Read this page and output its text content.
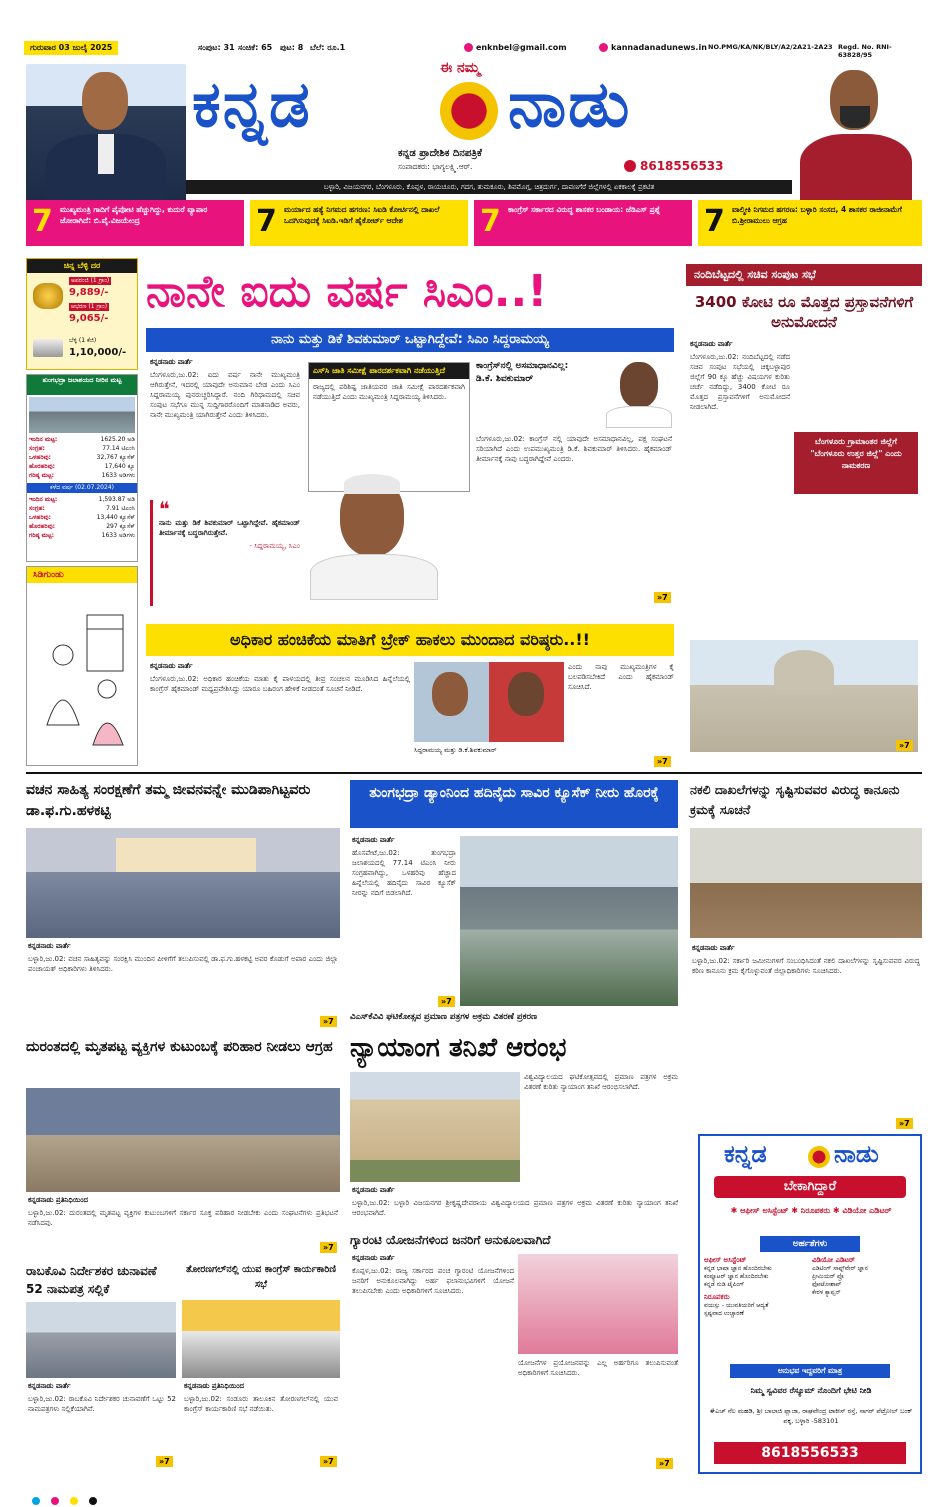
ಗುರುವಾರ 03 ಜುಲೈ 2025	ಸಂಪುಟ: 31 ಸಂಚಿಕೆ: 65 ಪುಟ: 8 ಬೆಲೆ: ರೂ.1	enknbel@gmail.com	kannadanadunews.in NO.PMG/KA/NK/BLY/A2/2A21-2A23 Regd. No. RNI- 63828/95
ಕನ್ನಡ	ಈ ನಮ್ಮ ನಾಡು
ಕನ್ನಡ ಪ್ರಾದೇಶಿಕ ದಿನಪತ್ರಿಕೆ
ಸಂಪಾದಕರು: ಭಾಗ್ಯಲಕ್ಷ್ಮಿ.ಆರ್.	8618556533
ಬಳ್ಳಾರಿ, ವಿಜಯನಗರ, ಬೆಂಗಳೂರು, ಕೊಪ್ಪಳ, ರಾಯಚೂರು, ಗದಗ, ತುಮಕೂರು, ಶಿವಮೊಗ್ಗ, ಚಿತ್ರದುರ್ಗ, ದಾವಣಗೆರೆ ಜಿಲ್ಲೆಗಳಲ್ಲಿ ಏಕಕಾಲಕ್ಕೆ ಪ್ರಕಟಿತ
7 ಮುಖ್ಯಮಂತ್ರಿ ಗಾದಿಗೆ ಪೈಪೋಟಿ ಹೆಚ್ಚುಗಿದ್ದು, ಕುದುರೆ ವ್ಯಾಪಾರ ಜೋರಾಗಿದೆ: ಬಿ.ವೈ.ವಿಜಯೇಂದ್ರ	7 ಮರ್ಯಾದ ಹತ್ಯೆ ನಿಗಮದ ಹಗರಣ: ಸಿಐಡಿ ಕೋರ್ಟಿನಲ್ಲಿ ದಾಖಲೆ ಒದಗಿಸುವುದಕ್ಕೆ ಸಿಐಡಿ.ಇಡಿಗೆ ಹೈಕೋರ್ಟ್ ಆದೇಶ	7 ಕಾಂಗ್ರೆಸ್ ಸರ್ಕಾರದ ವಿರುದ್ಧ ಶಾಸಕರ ಬಂಡಾಯ: ಜೆಡಿಎಸ್ ಪ್ರಶ್ನೆ	7 ವಾಲ್ಮೀಕಿ ನಿಗಮದ ಹಗರಣ: ಬಳ್ಳಾರಿ ಸಂಸದ, 4 ಶಾಸಕರ ರಾಜೀನಾಮೆಗೆ ಬಿ.ಶ್ರೀರಾಮುಲು ಆಗ್ರಹ
ಚಿನ್ನ ಬೆಳ್ಳಿ ದರ
ಅಪರಂಜಿ (1 ಗ್ರಾಂ)
9,889/-
ಆಭರಣ (1 ಗ್ರಾಂ)
9,065/-
ಬೆಳ್ಳಿ (1 ಕೆಜಿ)
1,10,000/-
ತುಂಗಭದ್ರಾ ಜಲಾಶಯದ ನೀರಿನ ಮಟ್ಟ
ಇಂದಿನ ಮಟ್ಟ:	1625.20 ಅಡಿ
ಸಂಗ್ರಹ:	77.14 ಟಿಎಂಸಿ
ಒಳಹರಿವು:	32,767 ಕ್ಯೂಸೆಕ್
ಹೊರಹರಿವು:	17,640 ಕ್ಯೂ
ಗರಿಷ್ಠ ಮಟ್ಟ:	1633 ಅಡಿಗಳು
ಕಳೆದ ವರ್ಷ (02.07.2024)
ಇಂದಿನ ಮಟ್ಟ:	1,593.87 ಅಡಿ
ಸಂಗ್ರಹ:	7.91 ಟಿಎಂಸಿ
ಒಳಹರಿವು:	13,440 ಕ್ಯೂಸೆಕ್
ಹೊರಹರಿವು:	297 ಕ್ಯೂಸೆಕ್
ಗರಿಷ್ಠ ಮಟ್ಟ:	1633 ಅಡಿಗಳು
ಸಿಡಿಗುಂಡು
ನಾನೇ ಐದು ವರ್ಷ ಸಿಎಂ..!
ನಾನು ಮತ್ತು ಡಿಕೆ ಶಿವಕುಮಾರ್ ಒಟ್ಟಾಗಿದ್ದೇವೆ: ಸಿಎಂ ಸಿದ್ದರಾಮಯ್ಯ
ಕನ್ನಡನಾಡು ವಾರ್ತೆ
ಬೆಂಗಳೂರು,ಜು.02: ಐದು ವರ್ಷ ನಾನೇ ಮುಖ್ಯಮಂತ್ರಿ ಆಗಿರುತ್ತೇನೆ, ಇದರಲ್ಲಿ ಯಾವುದೇ ಅನುಮಾನ ಬೇಡ ಎಂದು ಸಿಎಂ ಸಿದ್ದರಾಮಯ್ಯ ಪುನರುಚ್ಚರಿಸಿದ್ದಾರೆ. ನಂದಿ ಗಿರಿಧಾಮದಲ್ಲಿ ಸಚಿವ ಸಂಪುಟ ಸಭೆಗೂ ಮುನ್ನ ಸುದ್ದಿಗಾರರೊಂದಿಗೆ ಮಾತನಾಡಿದ ಅವರು, ನಾನೇ ಮುಖ್ಯಮಂತ್ರಿ ಯಾಗಿರುತ್ತೇನೆ ಎಂದು ತಿಳಿಸಿದರು.
ಎಸ್‌ಸಿ ಜಾತಿ ಸಮೀಕ್ಷೆ ಪಾರದರ್ಶಕವಾಗಿ ನಡೆಯುತ್ತಿದೆ
ರಾಜ್ಯದಲ್ಲಿ ಪರಿಶಿಷ್ಟ ಜಾತಿಯವರ ಜಾತಿ ಸಮೀಕ್ಷೆ ಪಾರದರ್ಶಕವಾಗಿ ನಡೆಯುತ್ತಿದೆ ಎಂದು ಮುಖ್ಯಮಂತ್ರಿ ಸಿದ್ದರಾಮಯ್ಯ ತಿಳಿಸಿದರು.
❝
ನಾನು ಮತ್ತು ಡಿಕೆ ಶಿವಕುಮಾರ್ ಒಟ್ಟಾಗಿದ್ದೇವೆ. ಹೈಕಮಾಂಡ್ ತೀರ್ಮಾನಕ್ಕೆ ಬದ್ಧರಾಗಿರುತ್ತೇವೆ.
- ಸಿದ್ದರಾಮಯ್ಯ, ಸಿಎಂ
ಕಾಂಗ್ರೆಸ್‌ನಲ್ಲಿ ಅಸಮಾಧಾನವಿಲ್ಲ: ಡಿ.ಕೆ. ಶಿವಕುಮಾರ್
ಬೆಂಗಳೂರು,ಜು.02: ಕಾಂಗ್ರೆಸ್ ನಲ್ಲಿ ಯಾವುದೇ ಅಸಮಾಧಾನವಿಲ್ಲ, ಪಕ್ಷ ಸಂಘಟನೆ ಸರಿಯಾಗಿದೆ ಎಂದು ಉಪಮುಖ್ಯಮಂತ್ರಿ ಡಿ.ಕೆ. ಶಿವಕುಮಾರ್ ತಿಳಿಸಿದರು. ಹೈಕಮಾಂಡ್ ತೀರ್ಮಾನಕ್ಕೆ ನಾವು ಬದ್ಧರಾಗಿದ್ದೇವೆ ಎಂದರು.
»7
ನಂದಿಬೆಟ್ಟದಲ್ಲಿ ಸಚಿವ ಸಂಪುಟ ಸಭೆ
3400 ಕೋಟಿ ರೂ ಮೊತ್ತದ ಪ್ರಸ್ತಾವನೆಗಳಿಗೆ ಅನುಮೋದನೆ
ಕನ್ನಡನಾಡು ವಾರ್ತೆ
ಬೆಂಗಳೂರು,ಜು.02: ನಂದಿಬೆಟ್ಟದಲ್ಲಿ ನಡೆದ ಸಚಿವ ಸಂಪುಟ ಸಭೆಯಲ್ಲಿ ಚಿಕ್ಕಬಳ್ಳಾಪುರ ಜಿಲ್ಲೆಗೆ 90 ಕ್ಕೂ ಹೆಚ್ಚು ವಿಷಯಗಳ ಕುರಿತು ಚರ್ಚೆ ನಡೆದಿದ್ದು, 3400 ಕೋಟಿ ರೂ ಮೊತ್ತದ ಪ್ರಸ್ತಾವನೆಗಳಿಗೆ ಅನುಮೋದನೆ ನೀಡಲಾಗಿದೆ.
ಬೆಂಗಳೂರು ಗ್ರಾಮಾಂತರ ಜಿಲ್ಲೆಗೆ "ಬೆಂಗಳೂರು ಉತ್ತರ ಜಿಲ್ಲೆ" ಎಂದು ನಾಮಕರಣ
»7
ಅಧಿಕಾರ ಹಂಚಿಕೆಯ ಮಾತಿಗೆ ಬ್ರೇಕ್ ಹಾಕಲು ಮುಂದಾದ ವರಿಷ್ಠರು..!!
ಕನ್ನಡನಾಡು ವಾರ್ತೆ
ಬೆಂಗಳೂರು,ಜು.02: ಅಧಿಕಾರ ಹಂಚಿಕೆಯ ಮಾತು ಕೈ ಪಾಳಯದಲ್ಲಿ ತೀವ್ರ ಸಂಚಲನ ಮೂಡಿಸಿದ ಹಿನ್ನೆಲೆಯಲ್ಲಿ ಕಾಂಗ್ರೆಸ್ ಹೈಕಮಾಂಡ್ ಮಧ್ಯಪ್ರವೇಶಿಸಿದ್ದು ಯಾರೂ ಬಹಿರಂಗ ಹೇಳಿಕೆ ನೀಡದಂತೆ ಸೂಚನೆ ನೀಡಿದೆ.
ಸಿದ್ದರಾಮಯ್ಯ ಮತ್ತು ಡಿ.ಕೆ.ಶಿವಕುಮಾರ್
ಎಂದು ನಾವು ಮುಖ್ಯಮಂತ್ರಿಗಳ ಕೈ ಬಲಪಡಿಸಬೇಕಿದೆ ಎಂದು ಹೈಕಮಾಂಡ್ ಸೂಚಿಸಿದೆ.
»7
ವಚನ ಸಾಹಿತ್ಯ ಸಂರಕ್ಷಣೆಗೆ ತಮ್ಮ ಜೀವನವನ್ನೇ ಮುಡಿಪಾಗಿಟ್ಟವರು ಡಾ.ಫ.ಗು.ಹಳಕಟ್ಟಿ
ಕನ್ನಡನಾಡು ವಾರ್ತೆ
ಬಳ್ಳಾರಿ,ಜು.02: ವಚನ ಸಾಹಿತ್ಯವನ್ನು ಸಂರಕ್ಷಿಸಿ ಮುಂದಿನ ಪೀಳಿಗೆಗೆ ತಲುಪಿಸುವಲ್ಲಿ ಡಾ.ಫ.ಗು.ಹಳಕಟ್ಟಿ ಅವರ ಕೊಡುಗೆ ಅಪಾರ ಎಂದು ಜಿಲ್ಲಾ ಪಂಚಾಯತ್ ಅಧಿಕಾರಿಗಳು ತಿಳಿಸಿದರು.
»7
ತುಂಗಭದ್ರಾ ಡ್ಯಾಂನಿಂದ ಹದಿನೈದು ಸಾವಿರ ಕ್ಯೂಸೆಕ್ ನೀರು ಹೊರಕ್ಕೆ
ಕನ್ನಡನಾಡು ವಾರ್ತೆ
ಹೊಸಪೇಟೆ,ಜು.02: ತುಂಗಭದ್ರಾ ಜಲಾಶಯದಲ್ಲಿ 77.14 ಟಿಎಂಸಿ ನೀರು ಸಂಗ್ರಹವಾಗಿದ್ದು, ಒಳಹರಿವು ಹೆಚ್ಚಾದ ಹಿನ್ನೆಲೆಯಲ್ಲಿ ಹದಿನೈದು ಸಾವಿರ ಕ್ಯೂಸೆಕ್ ನೀರನ್ನು ನದಿಗೆ ಬಿಡಲಾಗಿದೆ.
»7
ನಕಲಿ ದಾಖಲೆಗಳನ್ನು ಸೃಷ್ಟಿಸುವವರ ವಿರುದ್ಧ ಕಾನೂನು ಕ್ರಮಕ್ಕೆ ಸೂಚನೆ
ಕನ್ನಡನಾಡು ವಾರ್ತೆ
ಬಳ್ಳಾರಿ,ಜು.02: ಸರ್ಕಾರಿ ಜಮೀನುಗಳಿಗೆ ಸಂಬಂಧಿಸಿದಂತೆ ನಕಲಿ ದಾಖಲೆಗಳನ್ನು ಸೃಷ್ಟಿಸುವವರ ವಿರುದ್ಧ ಕಠಿಣ ಕಾನೂನು ಕ್ರಮ ಕೈಗೊಳ್ಳುವಂತೆ ಜಿಲ್ಲಾಧಿಕಾರಿಗಳು ಸೂಚಿಸಿದರು.
»7
ವಿಎಸ್‌ಕೆವಿವಿ ಘಟಿಕೋತ್ಸವ ಪ್ರಮಾಣ ಪತ್ರಗಳ ಅಕ್ರಮ ವಿತರಣೆ ಪ್ರಕರಣ
ನ್ಯಾಯಾಂಗ ತನಿಖೆ ಆರಂಭ
ವಿಶ್ವವಿದ್ಯಾಲಯದ ಘಟಿಕೋತ್ಸವದಲ್ಲಿ ಪ್ರಮಾಣ ಪತ್ರಗಳ ಅಕ್ರಮ ವಿತರಣೆ ಕುರಿತು ನ್ಯಾಯಾಂಗ ತನಿಖೆ ಆರಂಭಿಸಲಾಗಿದೆ.
ಕನ್ನಡನಾಡು ವಾರ್ತೆ
ಬಳ್ಳಾರಿ,ಜು.02: ಬಳ್ಳಾರಿ ವಿಜಯನಗರ ಶ್ರೀಕೃಷ್ಣದೇವರಾಯ ವಿಶ್ವವಿದ್ಯಾಲಯದ ಪ್ರಮಾಣ ಪತ್ರಗಳ ಅಕ್ರಮ ವಿತರಣೆ ಕುರಿತು ನ್ಯಾಯಾಂಗ ತನಿಖೆ ಆರಂಭವಾಗಿದೆ.
ದುರಂತದಲ್ಲಿ ಮೃತಪಟ್ಟ ವ್ಯಕ್ತಿಗಳ ಕುಟುಂಬಕ್ಕೆ ಪರಿಹಾರ ನೀಡಲು ಆಗ್ರಹ
ಕನ್ನಡನಾಡು ಪ್ರತಿನಿಧಿಯಿಂದ
ಬಳ್ಳಾರಿ,ಜು.02: ದುರಂತದಲ್ಲಿ ಮೃತಪಟ್ಟ ವ್ಯಕ್ತಿಗಳ ಕುಟುಂಬಗಳಿಗೆ ಸರ್ಕಾರ ಸೂಕ್ತ ಪರಿಹಾರ ನೀಡಬೇಕು ಎಂದು ಸಂಘಟನೆಗಳು ಪ್ರತಿಭಟನೆ ನಡೆಸಿದವು.
»7
ಗ್ಯಾರಂಟಿ ಯೋಜನೆಗಳಿಂದ ಜನರಿಗೆ ಅನುಕೂಲವಾಗಿದೆ
ಕನ್ನಡನಾಡು ವಾರ್ತೆ
ಕೊಪ್ಪಳ,ಜು.02: ರಾಜ್ಯ ಸರ್ಕಾರದ ಪಂಚ ಗ್ಯಾರಂಟಿ ಯೋಜನೆಗಳಿಂದ ಜನರಿಗೆ ಅನುಕೂಲವಾಗಿದ್ದು ಅರ್ಹ ಫಲಾನುಭವಿಗಳಿಗೆ ಯೋಜನೆ ತಲುಪಿಸಬೇಕು ಎಂದು ಅಧಿಕಾರಿಗಳಿಗೆ ಸೂಚಿಸಿದರು.
ಯೋಜನೆಗಳ ಪ್ರಯೋಜನವನ್ನು ಎಲ್ಲ ಅರ್ಹರಿಗೂ ತಲುಪಿಸುವಂತೆ ಅಧಿಕಾರಿಗಳಿಗೆ ಸೂಚಿಸಿದರು.
»7
ರಾಬಕೊವಿ ನಿರ್ದೇಶಕರ ಚುನಾವಣೆ 52 ನಾಮಪತ್ರ ಸಲ್ಲಿಕೆ
ಕನ್ನಡನಾಡು ವಾರ್ತೆ
ಬಳ್ಳಾರಿ,ಜು.02: ರಾಬಕೊವಿ ನಿರ್ದೇಶಕರ ಚುನಾವಣೆಗೆ ಒಟ್ಟು 52 ನಾಮಪತ್ರಗಳು ಸಲ್ಲಿಕೆಯಾಗಿವೆ.
»7
ತೋರಣಗಲ್‌ನಲ್ಲಿ ಯುವ ಕಾಂಗ್ರೆಸ್ ಕಾರ್ಯಕಾರಿಣಿ ಸಭೆ
ಕನ್ನಡನಾಡು ಪ್ರತಿನಿಧಿಯಿಂದ
ಬಳ್ಳಾರಿ,ಜು.02: ಸಂಡೂರು ತಾಲೂಕಿನ ತೋರಣಗಲ್‌ನಲ್ಲಿ ಯುವ ಕಾಂಗ್ರೆಸ್ ಕಾರ್ಯಕಾರಿಣಿ ಸಭೆ ನಡೆಯಿತು.
»7
ಕನ್ನಡ	ನಾಡು
ಬೇಕಾಗಿದ್ದಾರೆ
✱ ಆಫೀಸ್ ಅಸಿಸ್ಟೆಂಟ್ ✱ ನಿರೂಪಕರು ✱ ವಿಡಿಯೋ ಎಡಿಟರ್
ಅರ್ಹತೆಗಳು
ಆಫೀಸ್ ಅಸಿಸ್ಟೆಂಟ್
ಕನ್ನಡ ಭಾಷಾ ಜ್ಞಾನ ಹೊಂದಿರಬೇಕು
ಕಂಪ್ಯೂಟರ್ ಜ್ಞಾನ ಹೊಂದಿರಬೇಕು
ಕನ್ನಡ ನುಡಿ ಟೈಪಿಂಗ್
ನಿರೂಪಕರು
ವಯಸ್ಸು - ಯುವತಿಯರಿಗೆ ಆದ್ಯತೆ
ಸ್ಪಷ್ಟವಾದ ಉಚ್ಚಾರಣೆ
ವಿಡಿಯೋ ಎಡಿಟರ್
ಎಡಿಟಿಂಗ್ ಸಾಫ್ಟ್‌ವೇರ್ ಜ್ಞಾನ
ಪ್ರೀಮಿಯರ್ ಪ್ರೊ
ಫೋಟೋಶಾಪ್
ಕೇರಳ ಕ್ಯಾಪ್ಷನ್
ಅನುಭವ ಇದ್ದವರಿಗೆ ಮಾತ್ರ
ನಿಮ್ಮ ಸ್ವವಿವರ ರೆಸ್ಯೂಮ್ ನೊಂದಿಗೆ ಭೇಟಿ ನೀಡಿ
#ಎಚ್ ನೆಲ ಮಹಡಿ, ಶ್ರೀ ಬಾಲಾಜಿ ಪ್ಲಾಜಾ, ರಾಘವೇಂದ್ರ ಟಾಕೀಸ್ ರಸ್ತೆ, ಸಾಗರ್ ಪೆಟ್ರೋಲ್ ಬಂಕ್ ಪಕ್ಕ, ಬಳ್ಳಾರಿ -583101
8618556533
